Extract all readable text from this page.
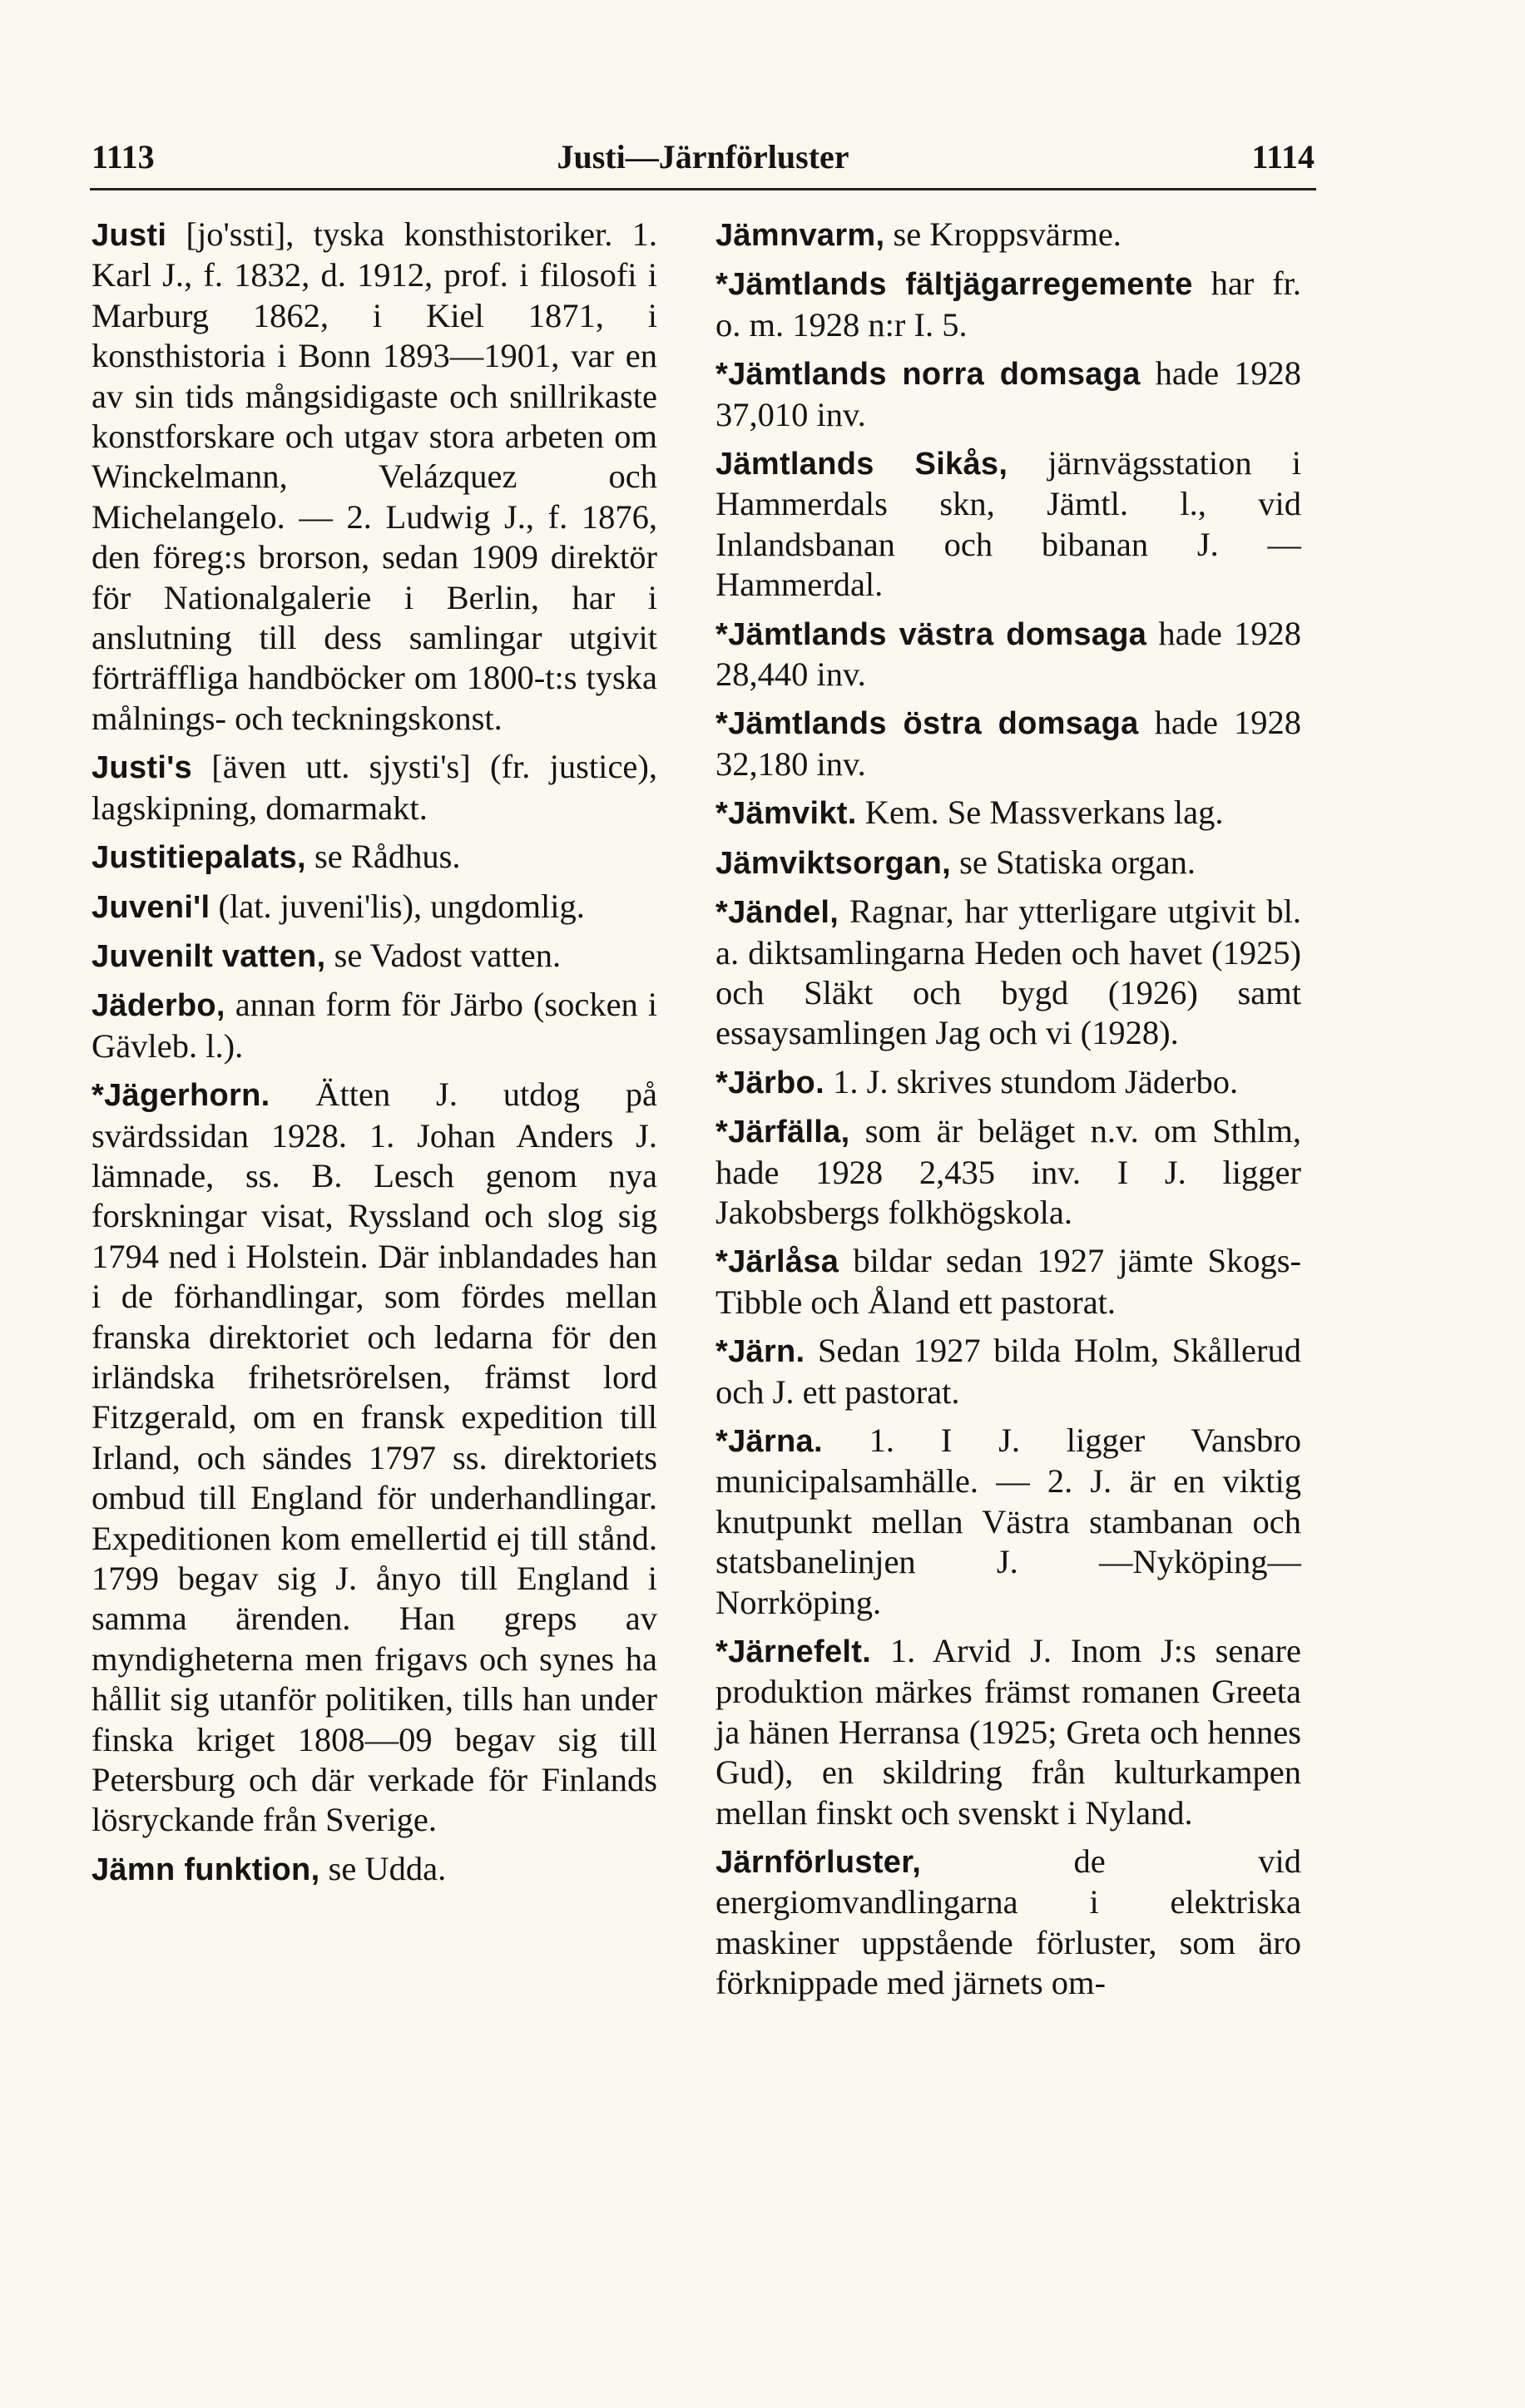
1113	Justi—Järnförluster	1114

Justi [jo'ssti], tyska konsthistoriker. 1. Karl J., f. 1832, d. 1912, prof. i filosofi i Marburg 1862, i Kiel 1871, i konsthistoria i Bonn 1893—1901, var en av sin tids mångsidigaste och snillrikaste konstforskare och utgav stora arbeten om Winckelmann, Velázquez och Michelangelo. — 2. Ludwig J., f. 1876, den föreg:s brorson, sedan 1909 direktör för Nationalgalerie i Berlin, har i anslutning till dess samlingar utgivit förträffliga handböcker om 1800-t:s tyska målnings- och teckningskonst.

Justi's [även utt. sjysti's] (fr. justice), lagskipning, domarmakt.

Justitiepalats, se Rådhus.

Juveni'l (lat. juveni'lis), ungdomlig.

Juvenilt vatten, se Vadost vatten.

Jäderbo, annan form för Järbo (socken i Gävleb. l.).

*Jägerhorn. Ätten J. utdog på svärdssidan 1928. 1. Johan Anders J. lämnade, ss. B. Lesch genom nya forskningar visat, Ryssland och slog sig 1794 ned i Holstein. Där inblandades han i de förhandlingar, som fördes mellan franska direktoriet och ledarna för den irländska frihetsrörelsen, främst lord Fitzgerald, om en fransk expedition till Irland, och sändes 1797 ss. direktoriets ombud till England för underhandlingar. Expeditionen kom emellertid ej till stånd. 1799 begav sig J. ånyo till England i samma ärenden. Han greps av myndigheterna men frigavs och synes ha hållit sig utanför politiken, tills han under finska kriget 1808—09 begav sig till Petersburg och där verkade för Finlands lösryckande från Sverige.

Jämn funktion, se Udda.

Jämnvarm, se Kroppsvärme.

*Jämtlands fältjägarregemente har fr. o. m. 1928 n:r I. 5.

*Jämtlands norra domsaga hade 1928 37,010 inv.

Jämtlands Sikås, järnvägsstation i Hammerdals skn, Jämtl. l., vid Inlandsbanan och bibanan J. —Hammerdal.

*Jämtlands västra domsaga hade 1928 28,440 inv.

*Jämtlands östra domsaga hade 1928 32,180 inv.

*Jämvikt. Kem. Se Massverkans lag.

Jämviktsorgan, se Statiska organ.

*Jändel, Ragnar, har ytterligare utgivit bl. a. diktsamlingarna Heden och havet (1925) och Släkt och bygd (1926) samt essaysamlingen Jag och vi (1928).

*Järbo. 1. J. skrives stundom Jäderbo.

*Järfälla, som är beläget n.v. om Sthlm, hade 1928 2,435 inv. I J. ligger Jakobsbergs folkhögskola.

*Järlåsa bildar sedan 1927 jämte Skogs-Tibble och Åland ett pastorat.

*Järn. Sedan 1927 bilda Holm, Skållerud och J. ett pastorat.

*Järna. 1. I J. ligger Vansbro municipalsamhälle. — 2. J. är en viktig knutpunkt mellan Västra stambanan och statsbanelinjen J. —Nyköping—Norrköping.

*Järnefelt. 1. Arvid J. Inom J:s senare produktion märkes främst romanen Greeta ja hänen Herransa (1925; Greta och hennes Gud), en skildring från kulturkampen mellan finskt och svenskt i Nyland.

Järnförluster,	de vid energiomvandlingarna i elektriska maskiner uppstående förluster, som äro förknippade med järnets om-
